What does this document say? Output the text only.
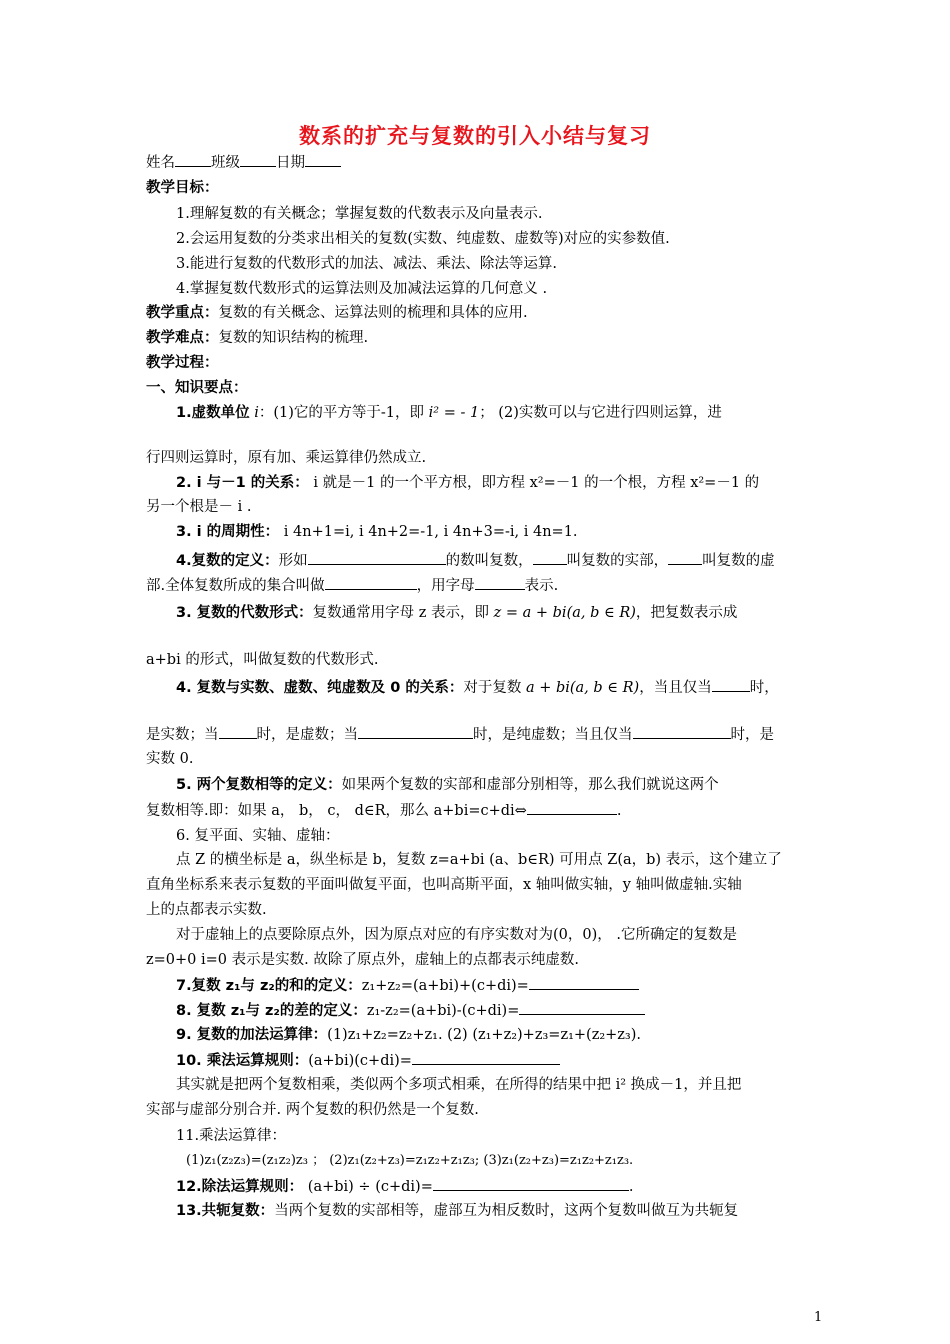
数系的扩充与复数的引入小结与复习
姓名 班级 日期
教学目标：
1.理解复数的有关概念；掌握复数的代数表示及向量表示.
2.会运用复数的分类求出相关的复数(实数、纯虚数、虚数等)对应的实参数值.
3.能进行复数的代数形式的加法、减法、乘法、除法等运算.
4.掌握复数代数形式的运算法则及加减法运算的几何意义 .
教学重点：复数的有关概念、运算法则的梳理和具体的应用.
教学难点：复数的知识结构的梳理.
教学过程：
一、知识要点：
1.虚数单位 i：(1)它的平方等于-1，即 i² = - 1； (2)实数可以与它进行四则运算，进
行四则运算时，原有加、乘运算律仍然成立.
2. i 与－1 的关系： i 就是－1 的一个平方根，即方程 x²=－1 的一个根，方程 x²=－1 的
另一个根是－ i .
3. i 的周期性： i 4n+1=i, i 4n+2=-1, i 4n+3=-i, i 4n=1.
4.复数的定义：形如	的数叫复数， 叫复数的实部， 叫复数的虚
部.全体复数所成的集合叫做	，用字母	表示.
3. 复数的代数形式：复数通常用字母 z 表示，即 z = a + bi(a, b ∈ R)，把复数表示成
a+bi 的形式，叫做复数的代数形式.
4. 复数与实数、虚数、纯虚数及 0 的关系：对于复数 a + bi(a, b ∈ R)，当且仅当	时，
是实数；当	时，是虚数；当	时，是纯虚数；当且仅当	时，是
实数 0.
5. 两个复数相等的定义：如果两个复数的实部和虚部分别相等，那么我们就说这两个
复数相等.即：如果 a， b， c， d∈R，那么 a+bi=c+di⇔	.
6. 复平面、实轴、虚轴：
点 Z 的横坐标是 a，纵坐标是 b，复数 z=a+bi (a、b∈R) 可用点 Z(a，b) 表示，这个建立了
直角坐标系来表示复数的平面叫做复平面，也叫高斯平面，x 轴叫做实轴，y 轴叫做虚轴.实轴
上的点都表示实数.
对于虚轴上的点要除原点外，因为原点对应的有序实数对为(0，0)， .它所确定的复数是
z=0+0 i=0 表示是实数. 故除了原点外，虚轴上的点都表示纯虚数.
7.复数 z₁与 z₂的和的定义：z₁+z₂=(a+bi)+(c+di)=
8. 复数 z₁与 z₂的差的定义：z₁-z₂=(a+bi)-(c+di)=
9. 复数的加法运算律：(1)z₁+z₂=z₂+z₁. (2) (z₁+z₂)+z₃=z₁+(z₂+z₃).
10. 乘法运算规则：(a+bi)(c+di)=
其实就是把两个复数相乘，类似两个多项式相乘，在所得的结果中把 i² 换成－1，并且把
实部与虚部分别合并. 两个复数的积仍然是一个复数.
11.乘法运算律：
(1)z₁(z₂z₃)=(z₁z₂)z₃ ； (2)z₁(z₂+z₃)=z₁z₂+z₁z₃; (3)z₁(z₂+z₃)=z₁z₂+z₁z₃.
12.除法运算规则： (a+bi) ÷ (c+di)=	.
13.共轭复数：当两个复数的实部相等，虚部互为相反数时，这两个复数叫做互为共轭复
1
